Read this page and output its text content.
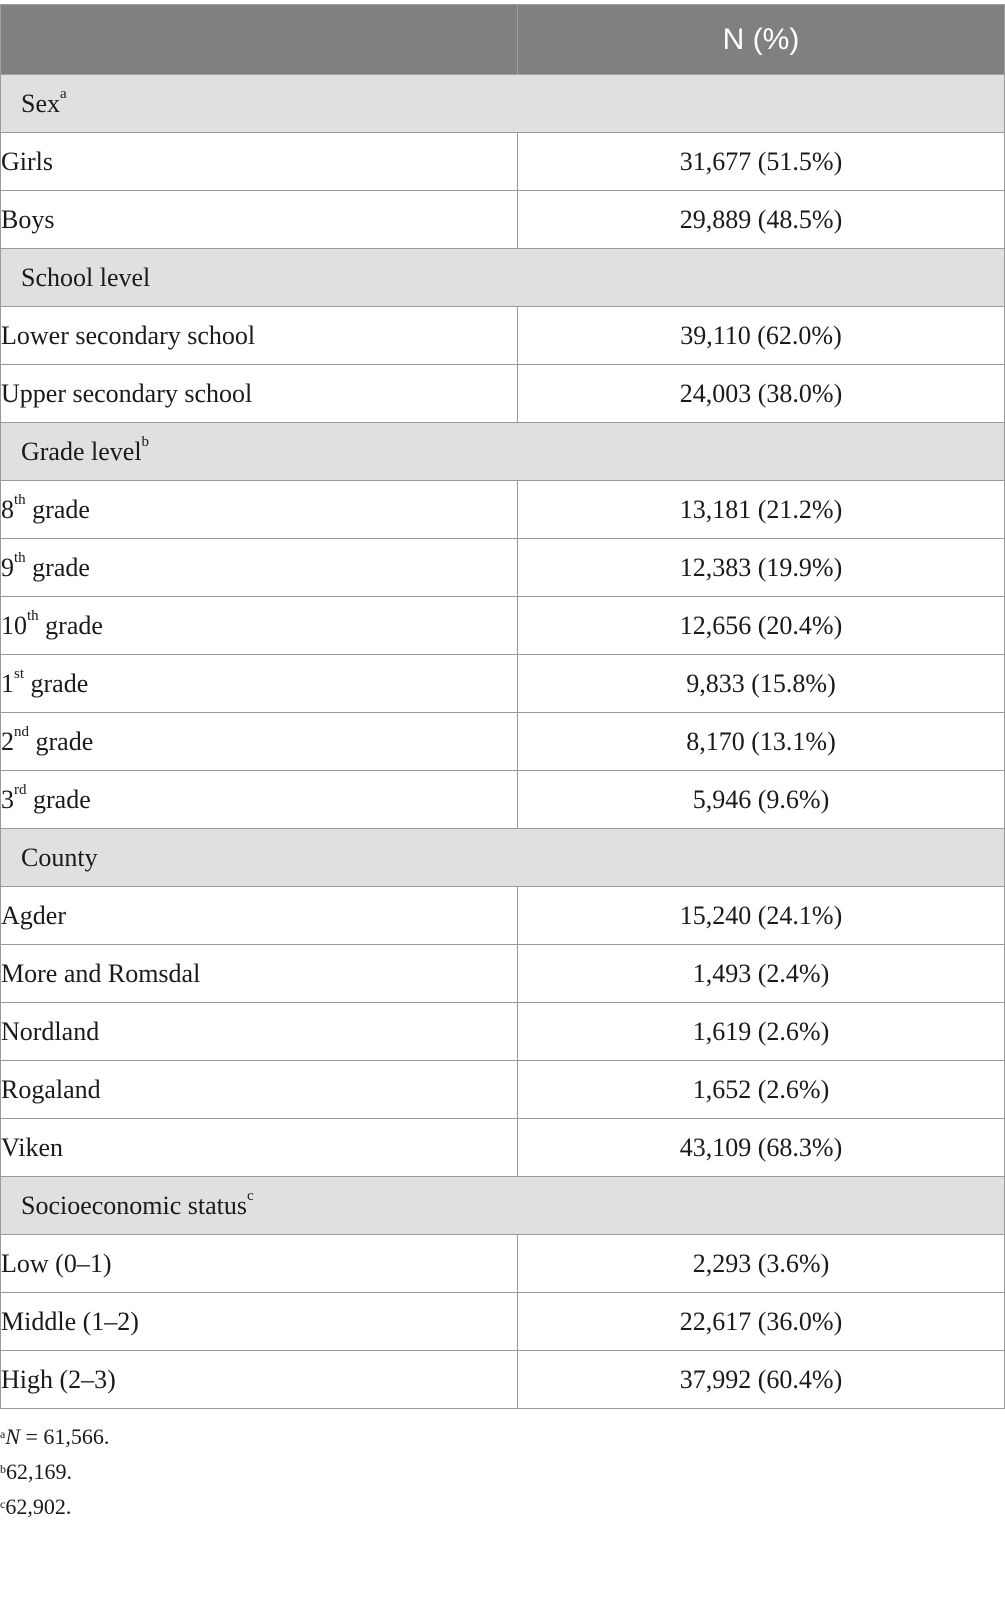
	N (%)
Sex$^a$
Girls	31,677 (51.5%)
Boys	29,889 (48.5%)
School level	
Lower secondary school	39,110 (62.0%)
Upper secondary school	24,003 (38.0%)
Grade level$^b$
8th grade	13,181 (21.2%)
9th grade	12,383 (19.9%)
10th grade	12,656 (20.4%)
1st grade	9,833 (15.8%)
2nd grade	8,170 (13.1%)
3rd grade	5,946 (9.6%)
County	
Agder	15,240 (24.1%)
More and Romsdal	1,493 (2.4%)
Nordland	1,619 (2.6%)
Rogaland	1,652 (2.6%)
Viken	43,109 (68.3%)
Socioeconomic status$^c$
Low (0–1)	2,293 (3.6%)
Middle (1–2)	22,617 (36.0%)
High (2–3)	37,992 (60.4%)
$^a$N = 61,566.
$^b$62,169.
$^c$62,902.
